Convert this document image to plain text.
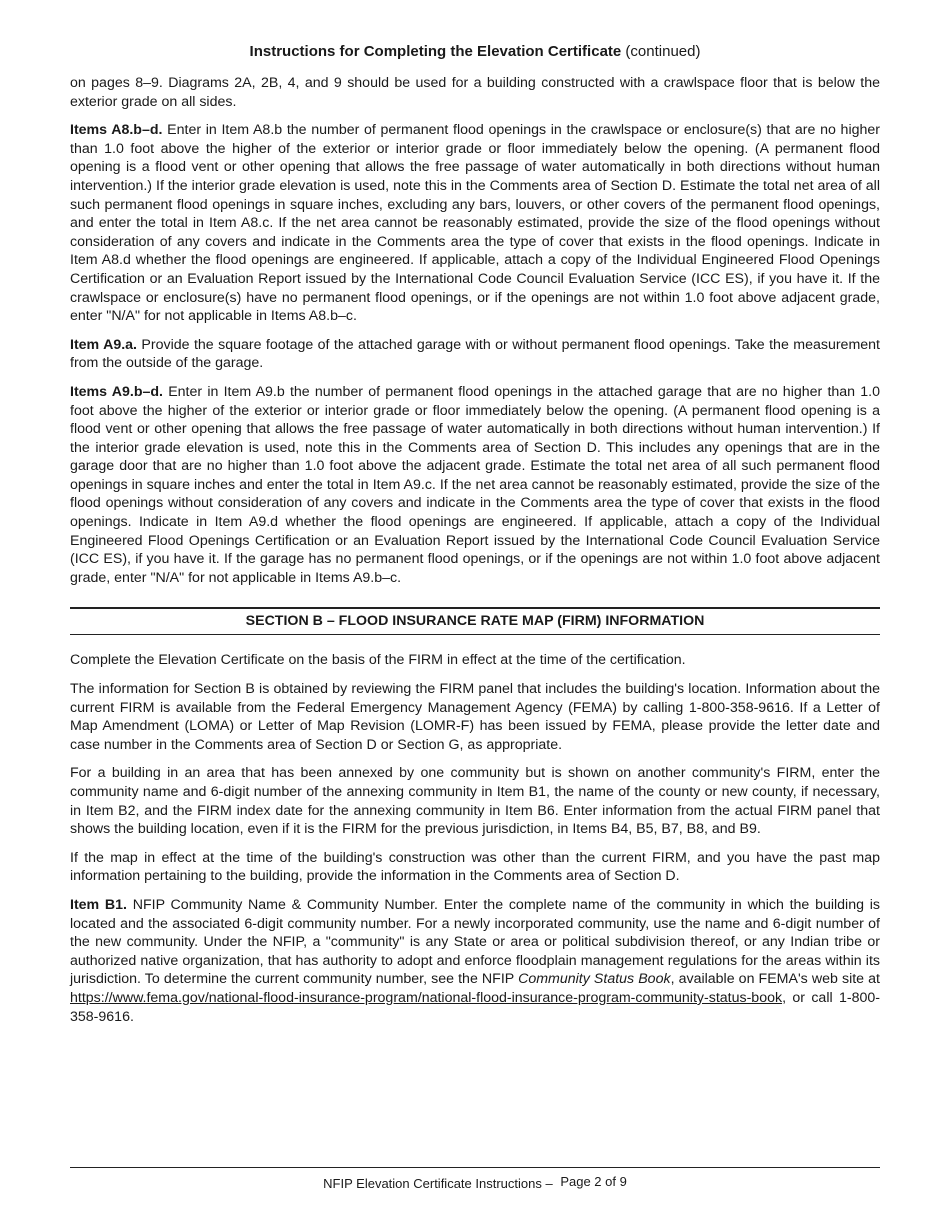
Instructions for Completing the Elevation Certificate (continued)

on pages 8–9. Diagrams 2A, 2B, 4, and 9 should be used for a building constructed with a crawlspace floor that is below the exterior grade on all sides.

Items A8.b–d. Enter in Item A8.b the number of permanent flood openings in the crawlspace or enclosure(s) that are no higher than 1.0 foot above the higher of the exterior or interior grade or floor immediately below the opening. (A permanent flood opening is a flood vent or other opening that allows the free passage of water automatically in both directions without human intervention.) If the interior grade elevation is used, note this in the Comments area of Section D. Estimate the total net area of all such permanent flood openings in square inches, excluding any bars, louvers, or other covers of the permanent flood openings, and enter the total in Item A8.c. If the net area cannot be reasonably estimated, provide the size of the flood openings without consideration of any covers and indicate in the Comments area the type of cover that exists in the flood openings. Indicate in Item A8.d whether the flood openings are engineered. If applicable, attach a copy of the Individual Engineered Flood Openings Certification or an Evaluation Report issued by the International Code Council Evaluation Service (ICC ES), if you have it. If the crawlspace or enclosure(s) have no permanent flood openings, or if the openings are not within 1.0 foot above adjacent grade, enter "N/A" for not applicable in Items A8.b–c.

Item A9.a. Provide the square footage of the attached garage with or without permanent flood openings. Take the measurement from the outside of the garage.

Items A9.b–d. Enter in Item A9.b the number of permanent flood openings in the attached garage that are no higher than 1.0 foot above the higher of the exterior or interior grade or floor immediately below the opening. (A permanent flood opening is a flood vent or other opening that allows the free passage of water automatically in both directions without human intervention.) If the interior grade elevation is used, note this in the Comments area of Section D. This includes any openings that are in the garage door that are no higher than 1.0 foot above the adjacent grade. Estimate the total net area of all such permanent flood openings in square inches and enter the total in Item A9.c. If the net area cannot be reasonably estimated, provide the size of the flood openings without consideration of any covers and indicate in the Comments area the type of cover that exists in the flood openings. Indicate in Item A9.d whether the flood openings are engineered. If applicable, attach a copy of the Individual Engineered Flood Openings Certification or an Evaluation Report issued by the International Code Council Evaluation Service (ICC ES), if you have it. If the garage has no permanent flood openings, or if the openings are not within 1.0 foot above adjacent grade, enter "N/A" for not applicable in Items A9.b–c.

SECTION B – FLOOD INSURANCE RATE MAP (FIRM) INFORMATION

Complete the Elevation Certificate on the basis of the FIRM in effect at the time of the certification.

The information for Section B is obtained by reviewing the FIRM panel that includes the building's location. Information about the current FIRM is available from the Federal Emergency Management Agency (FEMA) by calling 1-800-358-9616. If a Letter of Map Amendment (LOMA) or Letter of Map Revision (LOMR-F) has been issued by FEMA, please provide the letter date and case number in the Comments area of Section D or Section G, as appropriate.

For a building in an area that has been annexed by one community but is shown on another community's FIRM, enter the community name and 6-digit number of the annexing community in Item B1, the name of the county or new county, if necessary, in Item B2, and the FIRM index date for the annexing community in Item B6. Enter information from the actual FIRM panel that shows the building location, even if it is the FIRM for the previous jurisdiction, in Items B4, B5, B7, B8, and B9.

If the map in effect at the time of the building's construction was other than the current FIRM, and you have the past map information pertaining to the building, provide the information in the Comments area of Section D.

Item B1. NFIP Community Name & Community Number. Enter the complete name of the community in which the building is located and the associated 6-digit community number. For a newly incorporated community, use the name and 6-digit number of the new community. Under the NFIP, a "community" is any State or area or political subdivision thereof, or any Indian tribe or authorized native organization, that has authority to adopt and enforce floodplain management regulations for the areas within its jurisdiction. To determine the current community number, see the NFIP Community Status Book, available on FEMA's web site at https://www.fema.gov/national-flood-insurance-program/national-flood-insurance-program-community-status-book, or call 1-800-358-9616.

NFIP Elevation Certificate Instructions – Page 2 of 9
